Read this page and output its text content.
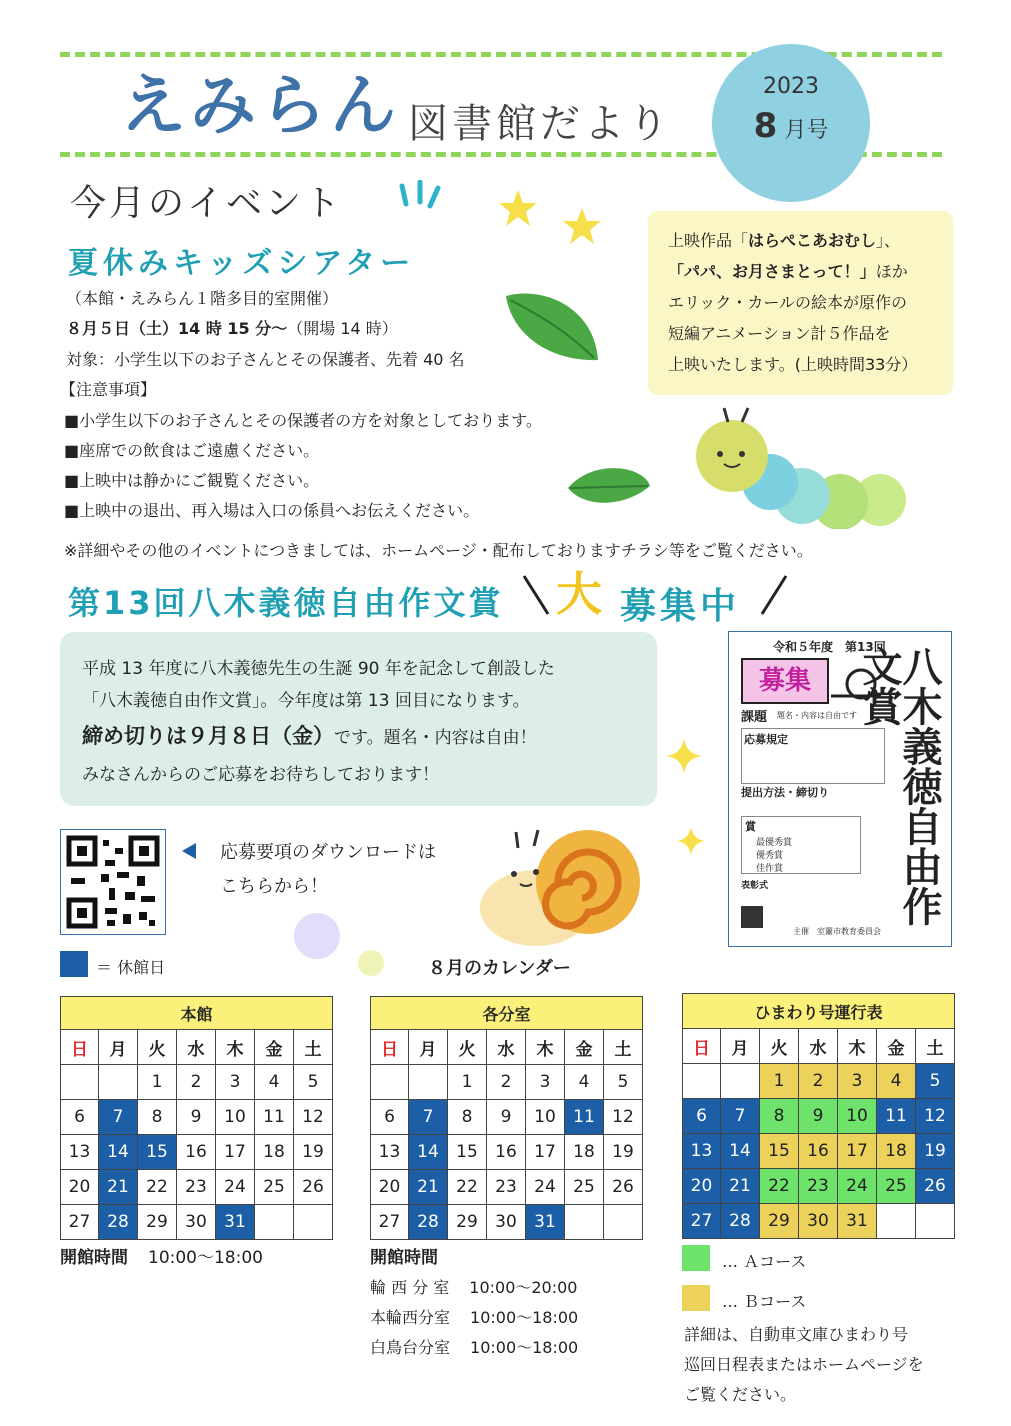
えみらん 図書館だより
2023
8 月号
今月のイベント
夏休みキッズシアター
（本館・えみらん１階多目的室開催）
８月５日（土）14 時 15 分～（開場 14 時）
対象：小学生以下のお子さんとその保護者、先着 40 名
【注意事項】
■小学生以下のお子さんとその保護者の方を対象としております。
■座席での飲食はご遠慮ください。
■上映中は静かにご観覧ください。
■上映中の退出、再入場は入口の係員へお伝えください。
※詳細やその他のイベントにつきましては、ホームページ・配布しておりますチラシ等をご覧ください。
上映作品「はらぺこあおむし」、
「パパ、お月さまとって！」ほか
エリック・カールの絵本が原作の
短編アニメーション計５作品を
上映いたします。(上映時間33分）
第13回八木義徳自由作文賞 大 募集中
平成 13 年度に八木義徳先生の生誕 90 年を記念して創設した
「八木義徳自由作文賞」。今年度は第 13 回目になります。
締め切りは９月８日（金）です。題名・内容は自由！
みなさんからのご応募をお待ちしております！
令和５年度　第13回
募集
課題 題名・内容は自由です
応募規定
提出方法・締切り
賞
最優秀賞
優秀賞
佳作賞
表彰式
主催　室蘭市教育委員会
八木義徳自由作文賞
応募要項のダウンロードは
こちらから！
＝ 休館日	８月のカレンダー
本館						
日	月	火	水	木	金	土
		1	2	3	4	5
6	7	8	9	10	11	12
13	14	15	16	17	18	19
20	21	22	23	24	25	26
27	28	29	30	31		
各分室						
日	月	火	水	木	金	土
		1	2	3	4	5
6	7	8	9	10	11	12
13	14	15	16	17	18	19
20	21	22	23	24	25	26
27	28	29	30	31		
ひまわり号運行表						
日	月	火	水	木	金	土
		1	2	3	4	5
6	7	8	9	10	11	12
13	14	15	16	17	18	19
20	21	22	23	24	25	26
27	28	29	30	31		
開館時間 10:00～18:00	開館時間
輪 西 分 室 10:00～20:00
本輪西分室 10:00～18:00
白鳥台分室 10:00～18:00
… Ａコース
… Ｂコース
詳細は、自動車文庫ひまわり号
巡回日程表またはホームページを
ご覧ください。
